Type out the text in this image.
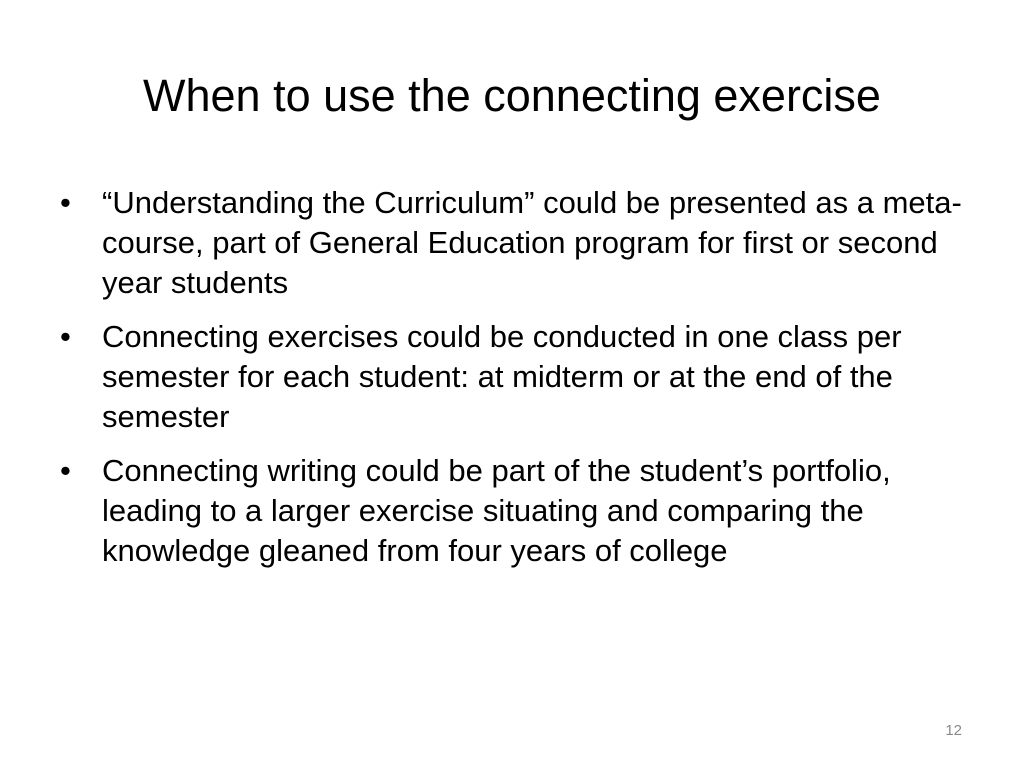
When to use the connecting exercise
• “Understanding the Curriculum” could be presented as a meta-course, part of General Education program for first or second year students
• Connecting exercises could be conducted in one class per semester for each student: at midterm or at the end of the semester
• Connecting writing could be part of the student’s portfolio, leading to a larger exercise situating and comparing the knowledge gleaned from four years of college
12
